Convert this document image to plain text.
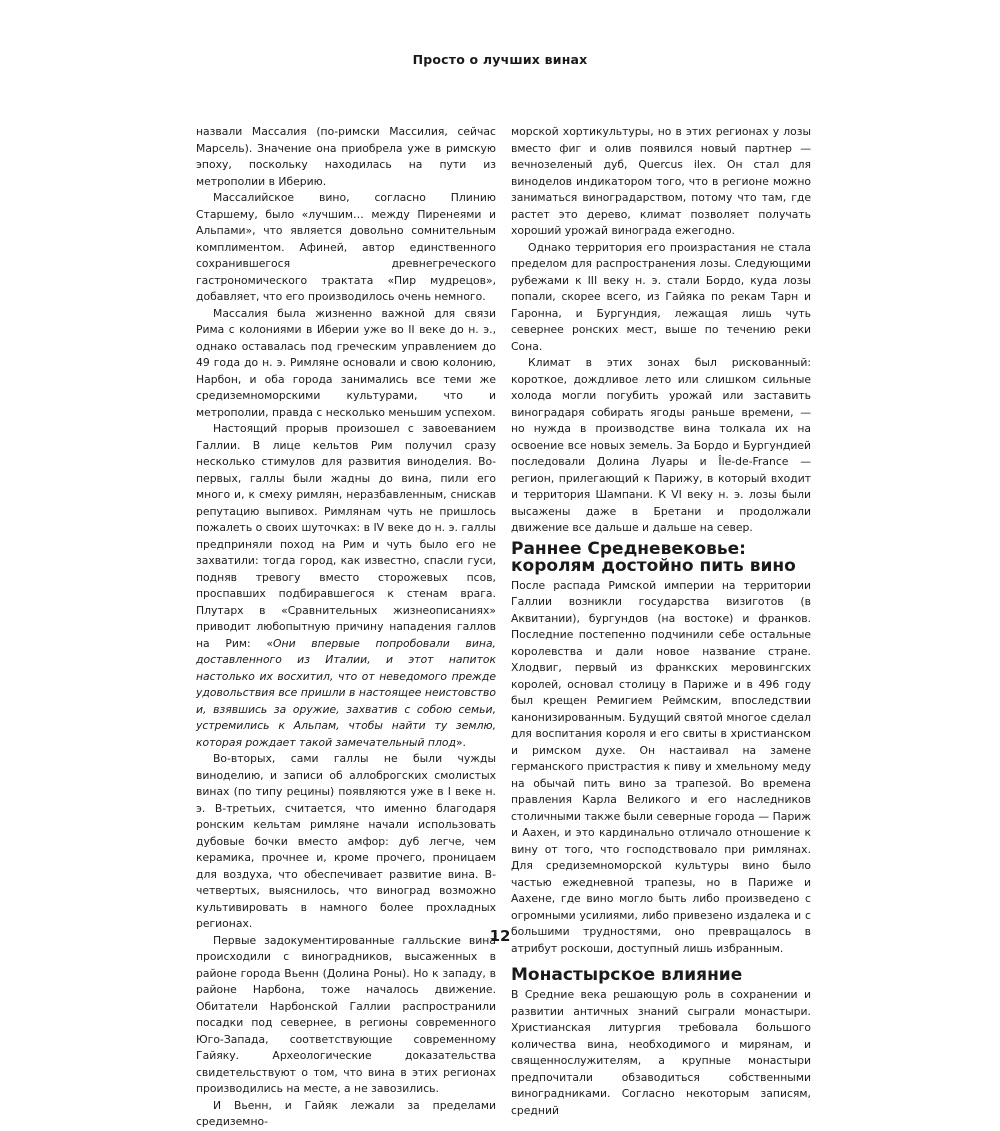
Просто о лучших винах

назвали Массалия (по-римски Массилия, сейчас Марсель). Значение она приобрела уже в римскую эпоху, поскольку находилась на пути из метрополии в Иберию.

Массалийское вино, согласно Плинию Старшему, было «лучшим… между Пиренеями и Альпами», что является довольно сомнительным комплиментом. Афиней, автор единственного сохранившегося древнегреческого гастрономического трактата «Пир мудрецов», добавляет, что его производилось очень немного.

Массалия была жизненно важной для связи Рима с колониями в Иберии уже во II веке до н. э., однако оставалась под греческим управлением до 49 года до н. э. Римляне основали и свою колонию, Нарбон, и оба города занимались все теми же средиземноморскими культурами, что и метрополии, правда с несколько меньшим успехом.

Настоящий прорыв произошел с завоеванием Галлии. В лице кельтов Рим получил сразу несколько стимулов для развития виноделия. Во-первых, галлы были жадны до вина, пили его много и, к смеху римлян, неразбавленным, снискав репутацию выпивох. Римлянам чуть не пришлось пожалеть о своих шуточках: в IV веке до н. э. галлы предприняли поход на Рим и чуть было его не захватили: тогда город, как известно, спасли гуси, подняв тревогу вместо сторожевых псов, проспавших подбиравшегося к стенам врага. Плутарх в «Сравнительных жизнеописаниях» приводит любопытную причину нападения галлов на Рим: «Они впервые попробовали вина, доставленного из Италии, и этот напиток настолько их восхитил, что от неведомого прежде удовольствия все пришли в настоящее неистовство и, взявшись за оружие, захватив с собою семьи, устремились к Альпам, чтобы найти ту землю, которая рождает такой замечательный плод».

Во-вторых, сами галлы не были чужды виноделию, и записи об аллоброгских смолистых винах (по типу рецины) появляются уже в I веке н. э. В-третьих, считается, что именно благодаря ронским кельтам римляне начали использовать дубовые бочки вместо амфор: дуб легче, чем керамика, прочнее и, кроме прочего, проницаем для воздуха, что обеспечивает развитие вина. В-четвертых, выяснилось, что виноград возможно культивировать в намного более прохладных регионах.

Первые задокументированные галльские вина происходили с виноградников, высаженных в районе города Вьенн (Долина Роны). Но к западу, в районе Нарбона, тоже началось движение. Обитатели Нарбонской Галлии распространили посадки под севернее, в регионы современного Юго-Запада, соответствующие современному Гайяку. Археологические доказательства свидетельствуют о том, что вина в этих регионах производились на месте, а не завозились.

И Вьенн, и Гайяк лежали за пределами средиземно-

морской хортикультуры, но в этих регионах у лозы вместо фиг и олив появился новый партнер — вечнозеленый дуб, Quercus ilex. Он стал для виноделов индикатором того, что в регионе можно заниматься виноградарством, потому что там, где растет это дерево, климат позволяет получать хороший урожай винограда ежегодно.

Однако территория его произрастания не стала пределом для распространения лозы. Следующими рубежами к III веку н. э. стали Бордо, куда лозы попали, скорее всего, из Гайяка по рекам Тарн и Гаронна, и Бургундия, лежащая лишь чуть севернее ронских мест, выше по течению реки Сона.

Климат в этих зонах был рискованный: короткое, дождливое лето или слишком сильные холода могли погубить урожай или заставить виноградаря собирать ягоды раньше времени, — но нужда в производстве вина толкала их на освоение все новых земель. За Бордо и Бургундией последовали Долина Луары и Île-de-France — регион, прилегающий к Парижу, в который входит и территория Шампани. К VI веку н. э. лозы были высажены даже в Бретани и продолжали движение все дальше и дальше на север.

Раннее Средневековье: королям достойно пить вино

После распада Римской империи на территории Галлии возникли государства визиготов (в Аквитании), бургундов (на востоке) и франков. Последние постепенно подчинили себе остальные королевства и дали новое название стране. Хлодвиг, первый из франкских меровингских королей, основал столицу в Париже и в 496 году был крещен Ремигием Реймским, впоследствии канонизированным. Будущий святой многое сделал для воспитания короля и его свиты в христианском и римском духе. Он настаивал на замене германского пристрастия к пиву и хмельному меду на обычай пить вино за трапезой. Во времена правления Карла Великого и его наследников столичными также были северные города — Париж и Аахен, и это кардинально отличало отношение к вину от того, что господствовало при римлянах. Для средиземноморской культуры вино было частью ежедневной трапезы, но в Париже и Аахене, где вино могло быть либо произведено с огромными усилиями, либо привезено издалека и с большими трудностями, оно превращалось в атрибут роскоши, доступный лишь избранным.

Монастырское влияние

В Средние века решающую роль в сохранении и развитии античных знаний сыграли монастыри. Христианская литургия требовала большого количества вина, необходимого и мирянам, и священнослужителям, а крупные монастыри предпочитали обзаводиться собственными виноградниками. Согласно некоторым записям, средний

12
